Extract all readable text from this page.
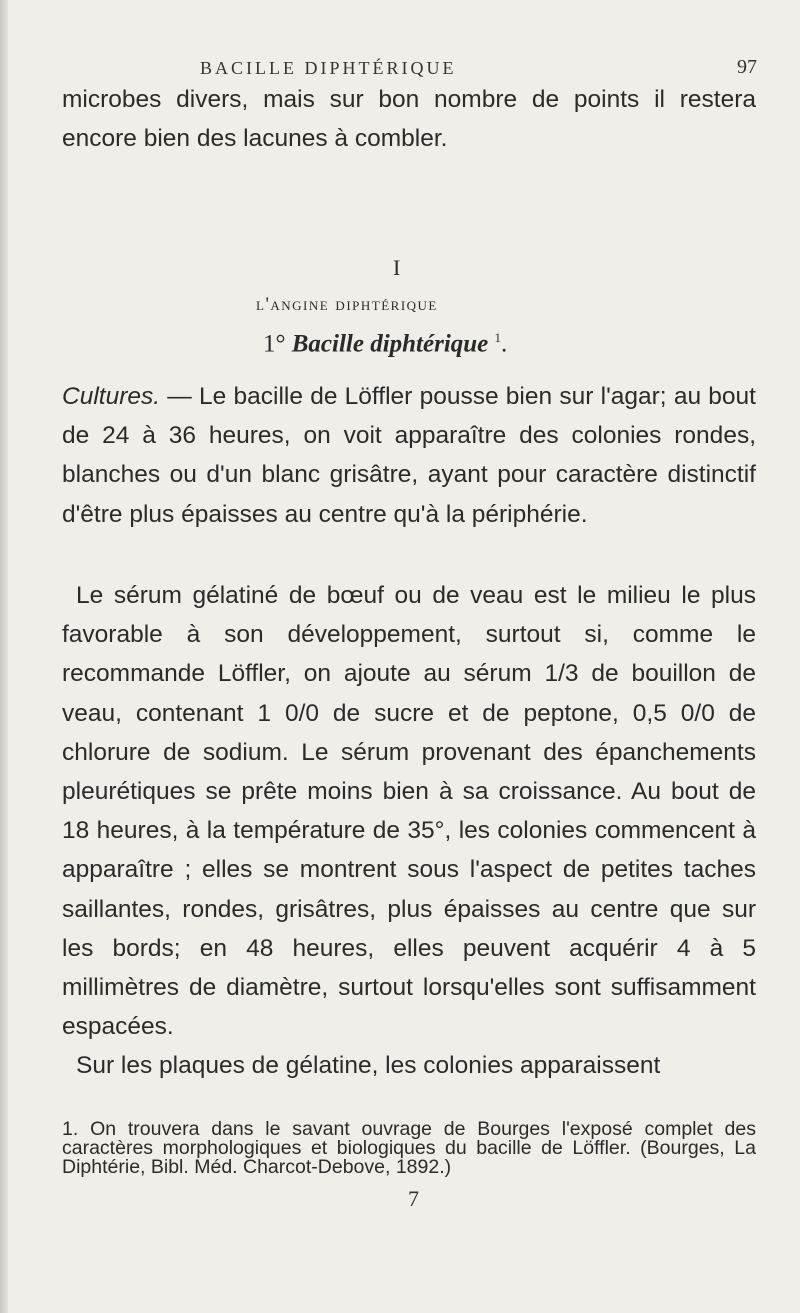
BACILLE DIPHTÉRIQUE	97

microbes divers, mais sur bon nombre de points il restera encore bien des lacunes à combler.

I
l'angine diphtérique
1° Bacille diphtérique $^1$.

Cultures. — Le bacille de Löffler pousse bien sur l'agar; au bout de 24 à 36 heures, on voit apparaître des colonies rondes, blanches ou d'un blanc grisâtre, ayant pour caractère distinctif d'être plus épaisses au centre qu'à la périphérie.

Le sérum gélatiné de bœuf ou de veau est le milieu le plus favorable à son développement, surtout si, comme le recommande Löffler, on ajoute au sérum 1/3 de bouillon de veau, contenant 1 0/0 de sucre et de peptone, 0,5 0/0 de chlorure de sodium. Le sérum provenant des épanchements pleurétiques se prête moins bien à sa croissance. Au bout de 18 heures, à la température de 35°, les colonies commencent à apparaître ; elles se montrent sous l'aspect de petites taches saillantes, rondes, grisâtres, plus épaisses au centre que sur les bords; en 48 heures, elles peuvent acquérir 4 à 5 millimètres de diamètre, surtout lorsqu'elles sont suffisamment espacées.

Sur les plaques de gélatine, les colonies apparaissent

1. On trouvera dans le savant ouvrage de Bourges l'exposé complet des caractères morphologiques et biologiques du bacille de Löffler. (Bourges, La Diphtérie, Bibl. Méd. Charcot-Debove, 1892.)

7
